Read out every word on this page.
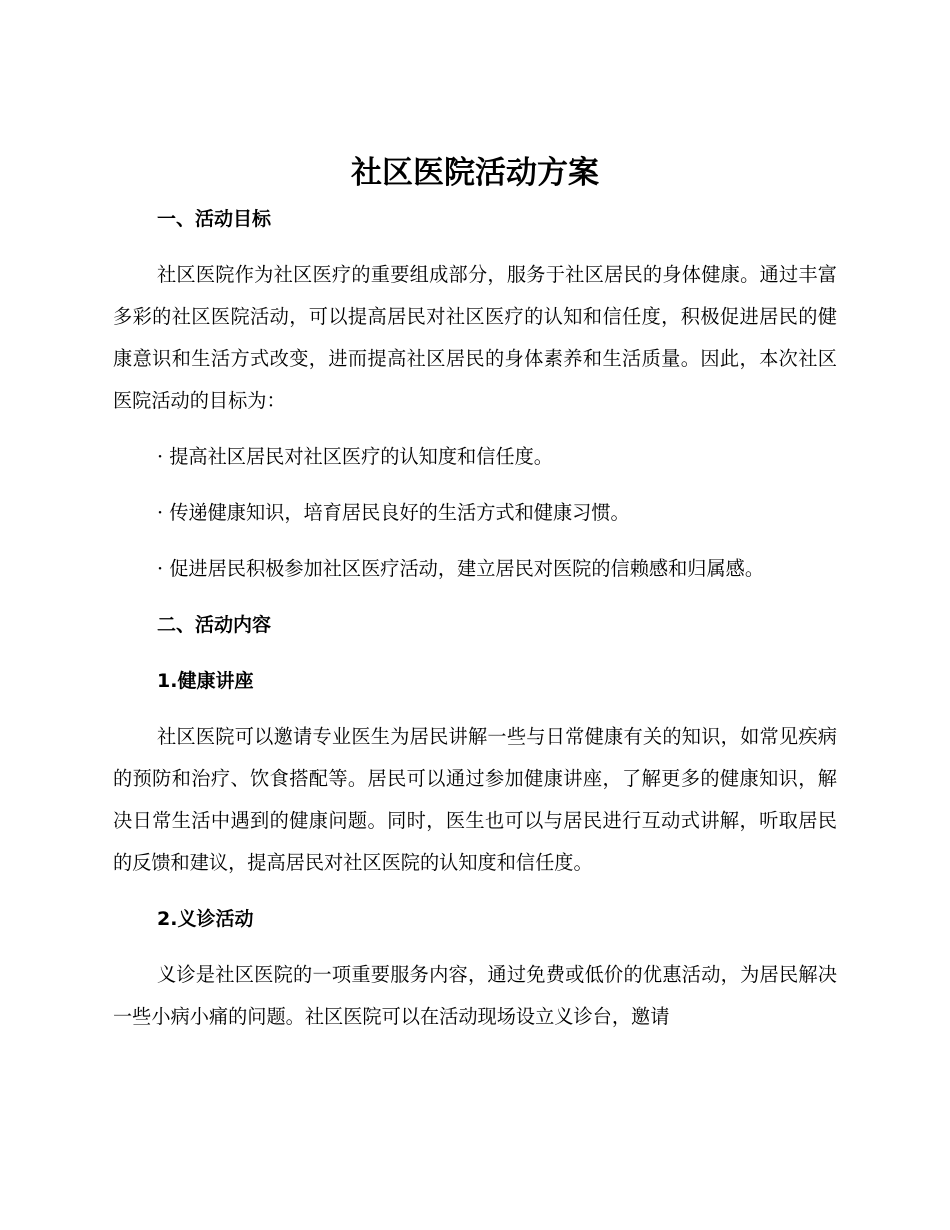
社区医院活动方案
一、活动目标

社区医院作为社区医疗的重要组成部分，服务于社区居民的身体健康。通过丰富多彩的社区医院活动，可以提高居民对社区医疗的认知和信任度，积极促进居民的健康意识和生活方式改变，进而提高社区居民的身体素养和生活质量。因此，本次社区医院活动的目标为：

· 提高社区居民对社区医疗的认知度和信任度。

· 传递健康知识，培育居民良好的生活方式和健康习惯。

· 促进居民积极参加社区医疗活动，建立居民对医院的信赖感和归属感。

二、活动内容
1.健康讲座

社区医院可以邀请专业医生为居民讲解一些与日常健康有关的知识，如常见疾病的预防和治疗、饮食搭配等。居民可以通过参加健康讲座，了解更多的健康知识，解决日常生活中遇到的健康问题。同时，医生也可以与居民进行互动式讲解，听取居民的反馈和建议，提高居民对社区医院的认知度和信任度。

2.义诊活动

义诊是社区医院的一项重要服务内容，通过免费或低价的优惠活动，为居民解决一些小病小痛的问题。社区医院可以在活动现场设立义诊台，邀请
